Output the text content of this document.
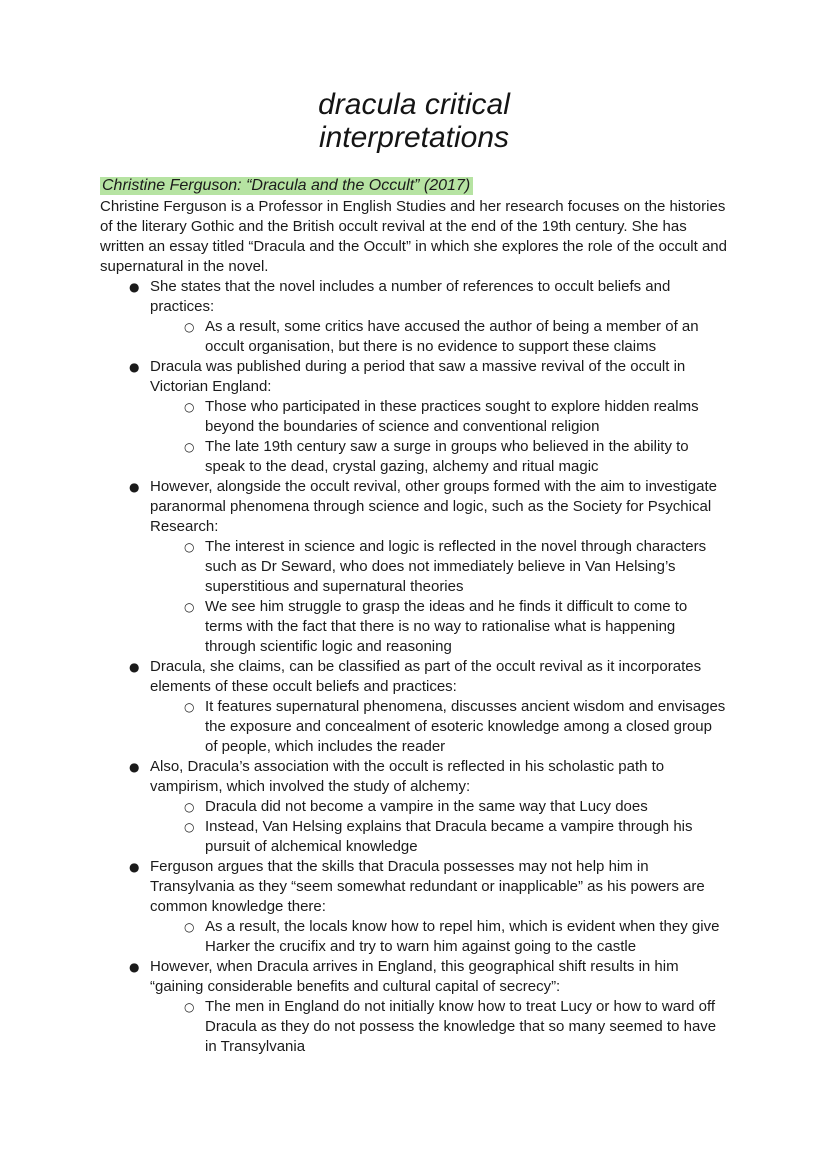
dracula critical
interpretations
Christine Ferguson: “Dracula and the Occult” (2017)

Christine Ferguson is a Professor in English Studies and her research focuses on the histories of the literary Gothic and the British occult revival at the end of the 19th century. She has written an essay titled “Dracula and the Occult” in which she explores the role of the occult and supernatural in the novel.

● She states that the novel includes a number of references to occult beliefs and practices:
○ As a result, some critics have accused the author of being a member of an occult organisation, but there is no evidence to support these claims
● Dracula was published during a period that saw a massive revival of the occult in Victorian England:
○ Those who participated in these practices sought to explore hidden realms beyond the boundaries of science and conventional religion
○ The late 19th century saw a surge in groups who believed in the ability to speak to the dead, crystal gazing, alchemy and ritual magic
● However, alongside the occult revival, other groups formed with the aim to investigate paranormal phenomena through science and logic, such as the Society for Psychical Research:
○ The interest in science and logic is reflected in the novel through characters such as Dr Seward, who does not immediately believe in Van Helsing’s superstitious and supernatural theories
○ We see him struggle to grasp the ideas and he finds it difficult to come to terms with the fact that there is no way to rationalise what is happening through scientific logic and reasoning
● Dracula, she claims, can be classified as part of the occult revival as it incorporates elements of these occult beliefs and practices:
○ It features supernatural phenomena, discusses ancient wisdom and envisages the exposure and concealment of esoteric knowledge among a closed group of people, which includes the reader
● Also, Dracula’s association with the occult is reflected in his scholastic path to vampirism, which involved the study of alchemy:
○ Dracula did not become a vampire in the same way that Lucy does
○ Instead, Van Helsing explains that Dracula became a vampire through his pursuit of alchemical knowledge
● Ferguson argues that the skills that Dracula possesses may not help him in Transylvania as they “seem somewhat redundant or inapplicable” as his powers are common knowledge there:
○ As a result, the locals know how to repel him, which is evident when they give Harker the crucifix and try to warn him against going to the castle
● However, when Dracula arrives in England, this geographical shift results in him “gaining considerable benefits and cultural capital of secrecy”:
○ The men in England do not initially know how to treat Lucy or how to ward off Dracula as they do not possess the knowledge that so many seemed to have in Transylvania
